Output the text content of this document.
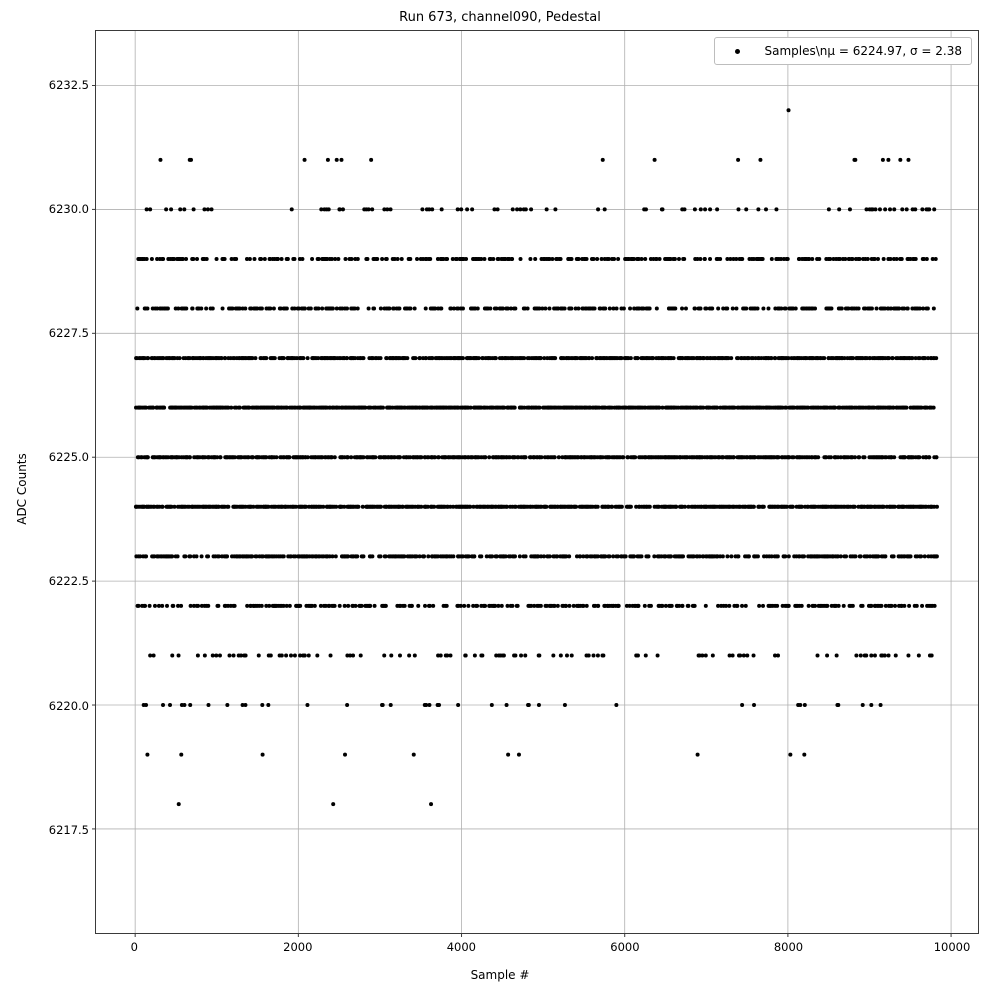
Run 673, channel090, Pedestal
ADC Counts
Sample #
6217.5
6220.0
6222.5
6225.0
6227.5
6230.0
6232.5
0	2000	4000	6000	8000	10000
Samples\nμ = 6224.97, σ = 2.38
